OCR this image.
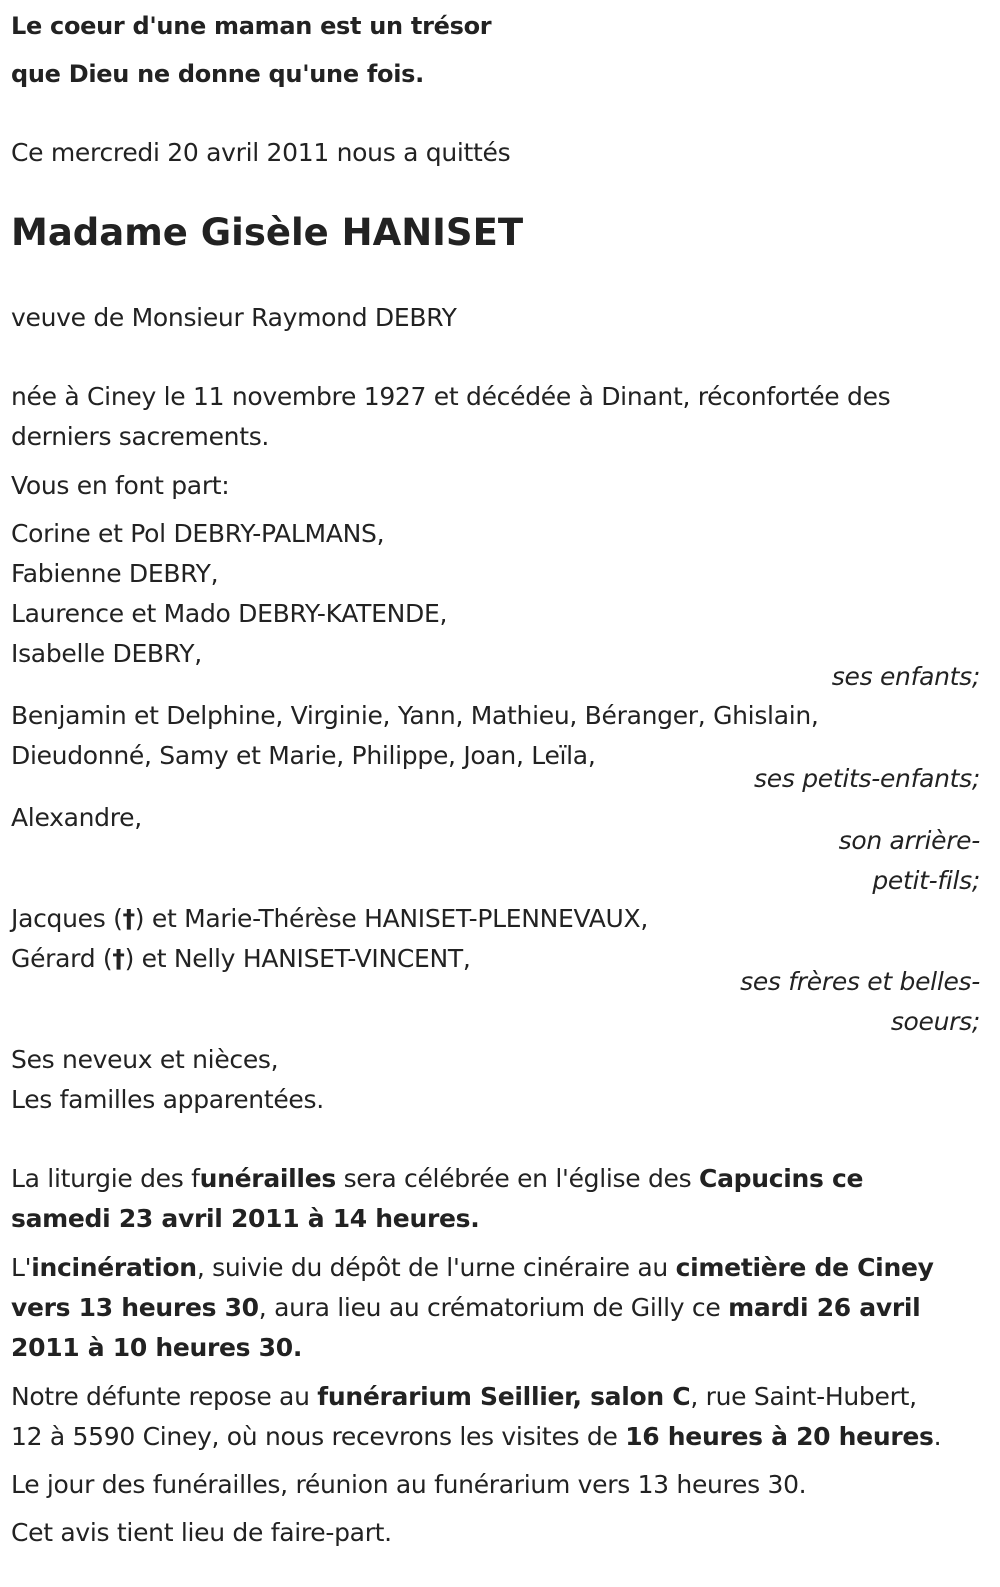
Le coeur d'une maman est un trésor
que Dieu ne donne qu'une fois.
Ce mercredi 20 avril 2011 nous a quittés
Madame Gisèle HANISET
veuve de Monsieur Raymond DEBRY
née à Ciney le 11 novembre 1927 et décédée à Dinant, réconfortée des
derniers sacrements.
Vous en font part:
Corine et Pol DEBRY-PALMANS,
Fabienne DEBRY,
Laurence et Mado DEBRY-KATENDE,
Isabelle DEBRY,
ses enfants;
Benjamin et Delphine, Virginie, Yann, Mathieu, Béranger, Ghislain,
Dieudonné, Samy et Marie, Philippe, Joan, Leïla,
ses petits-enfants;
Alexandre,
son arrière-
petit-fils;
Jacques (†) et Marie-Thérèse HANISET-PLENNEVAUX,
Gérard (†) et Nelly HANISET-VINCENT,
ses frères et belles-
soeurs;
Ses neveux et nièces,
Les familles apparentées.
La liturgie des funérailles sera célébrée en l'église des Capucins ce
samedi 23 avril 2011 à 14 heures.
L'incinération, suivie du dépôt de l'urne cinéraire au cimetière de Ciney
vers 13 heures 30, aura lieu au crématorium de Gilly ce mardi 26 avril
2011 à 10 heures 30.
Notre défunte repose au funérarium Seillier, salon C, rue Saint-Hubert,
12 à 5590 Ciney, où nous recevrons les visites de 16 heures à 20 heures.
Le jour des funérailles, réunion au funérarium vers 13 heures 30.
Cet avis tient lieu de faire-part.
